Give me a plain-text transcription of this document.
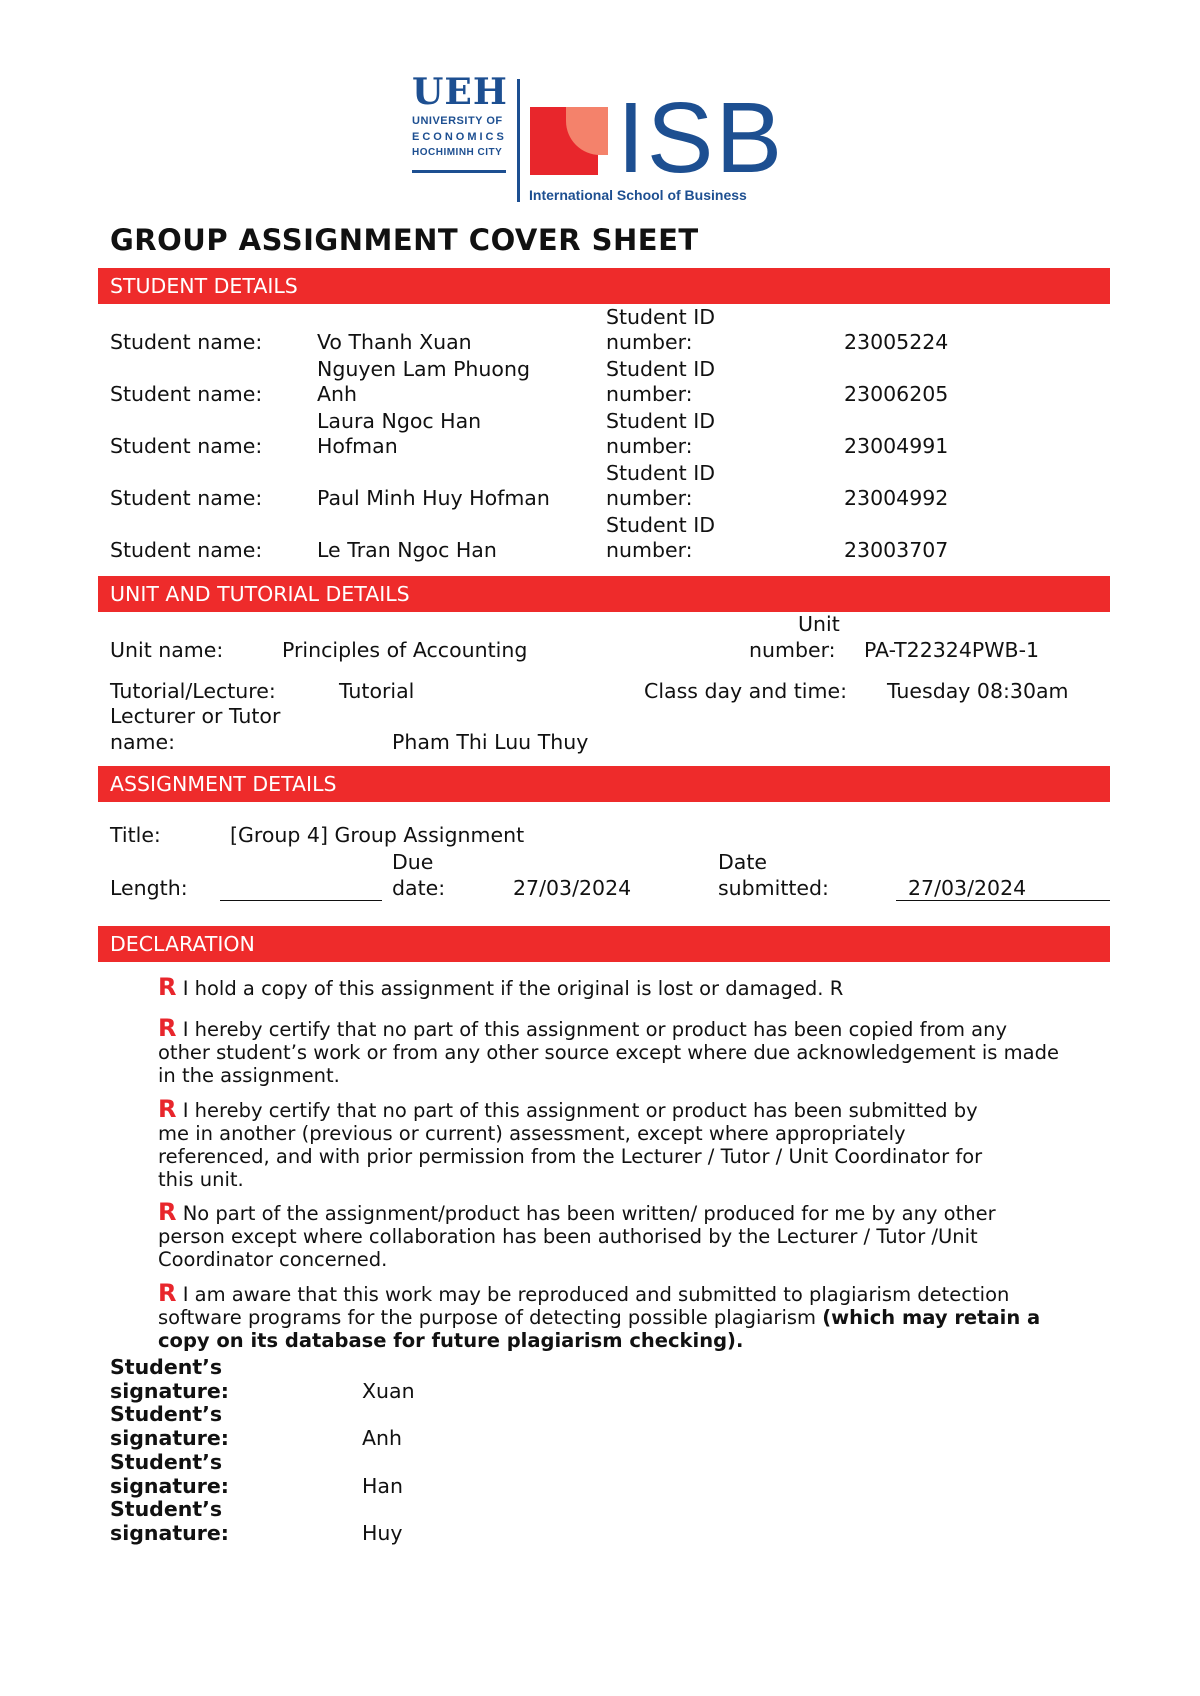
UEH
UNIVERSITY OF
ECONOMICS
HOCHIMINH CITY ISB
International School of Business
GROUP ASSIGNMENT COVER SHEET
STUDENT DETAILS
Student name:	Vo Thanh Xuan
Student ID
number:	23005224
Student name:
Nguyen Lam Phuong
Anh
Student ID
number:	23006205
Student name:
Laura Ngoc Han
Hofman
Student ID
number:	23004991
Student name:	Paul Minh Huy Hofman
Student ID
number:	23004992
Student name:	Le Tran Ngoc Han
Student ID
number:	23003707
UNIT AND TUTORIAL DETAILS
Unit name:	Principles of Accounting
Unit
number: PA-T22324PWB-1
Tutorial/Lecture:	Tutorial	Class day and time: Tuesday 08:30am
Lecturer or Tutor
name:	Pham Thi Luu Thuy
ASSIGNMENT DETAILS
Title:	[Group 4] Group Assignment
Length:
Due
date:	27/03/2024
Date
submitted:	27/03/2024
DECLARATION
R I hold a copy of this assignment if the original is lost or damaged. R
R I hereby certify that no part of this assignment or product has been copied from any
other student’s work or from any other source except where due acknowledgement is made
in the assignment.
R I hereby certify that no part of this assignment or product has been submitted by
me in another (previous or current) assessment, except where appropriately
referenced, and with prior permission from the Lecturer / Tutor / Unit Coordinator for
this unit.
R No part of the assignment/product has been written/ produced for me by any other
person except where collaboration has been authorised by the Lecturer / Tutor /Unit
Coordinator concerned.
R I am aware that this work may be reproduced and submitted to plagiarism detection
software programs for the purpose of detecting possible plagiarism (which may retain a
copy on its database for future plagiarism checking).
Student’s
signature:	Xuan
Student’s
signature:	Anh
Student’s
signature:	Han
Student’s
signature:	Huy
